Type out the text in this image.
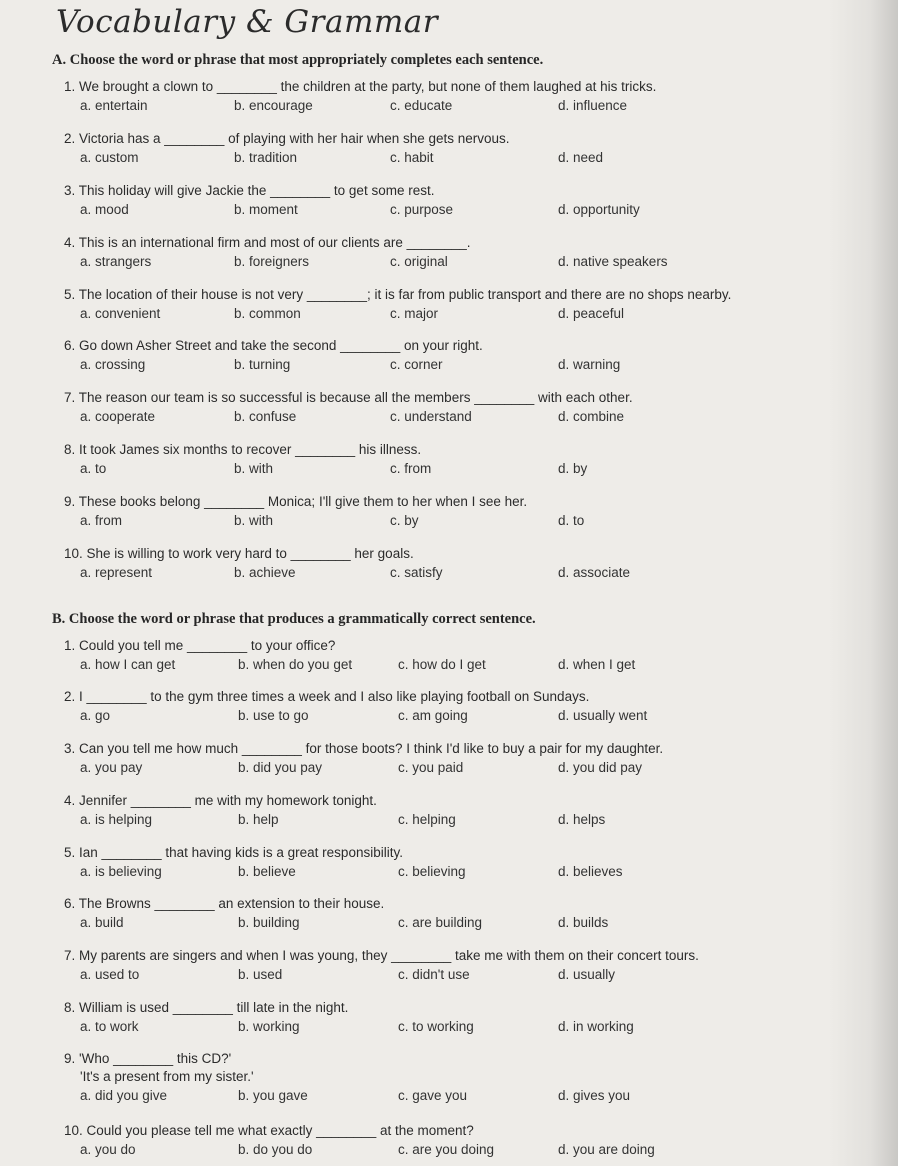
Vocabulary & Grammar
A. Choose the word or phrase that most appropriately completes each sentence.
1. We brought a clown to ________ the children at the party, but none of them laughed at his tricks.
a. entertain	b. encourage	c. educate	d. influence
2. Victoria has a ________ of playing with her hair when she gets nervous.
a. custom	b. tradition	c. habit	d. need
3. This holiday will give Jackie the ________ to get some rest.
a. mood	b. moment	c. purpose	d. opportunity
4. This is an international firm and most of our clients are ________.
a. strangers	b. foreigners	c. original	d. native speakers
5. The location of their house is not very ________; it is far from public transport and there are no shops nearby.
a. convenient	b. common	c. major	d. peaceful
6. Go down Asher Street and take the second ________ on your right.
a. crossing	b. turning	c. corner	d. warning
7. The reason our team is so successful is because all the members ________ with each other.
a. cooperate	b. confuse	c. understand	d. combine
8. It took James six months to recover ________ his illness.
a. to	b. with	c. from	d. by
9. These books belong ________ Monica; I'll give them to her when I see her.
a. from	b. with	c. by	d. to
10. She is willing to work very hard to ________ her goals.
a. represent	b. achieve	c. satisfy	d. associate
B. Choose the word or phrase that produces a grammatically correct sentence.
1. Could you tell me ________ to your office?
a. how I can get	b. when do you get	c. how do I get	d. when I get
2. I ________ to the gym three times a week and I also like playing football on Sundays.
a. go	b. use to go	c. am going	d. usually went
3. Can you tell me how much ________ for those boots? I think I'd like to buy a pair for my daughter.
a. you pay	b. did you pay	c. you paid	d. you did pay
4. Jennifer ________ me with my homework tonight.
a. is helping	b. help	c. helping	d. helps
5. Ian ________ that having kids is a great responsibility.
a. is believing	b. believe	c. believing	d. believes
6. The Browns ________ an extension to their house.
a. build	b. building	c. are building	d. builds
7. My parents are singers and when I was young, they ________ take me with them on their concert tours.
a. used to	b. used	c. didn't use	d. usually
8. William is used ________ till late in the night.
a. to work	b. working	c. to working	d. in working
9. 'Who ________ this CD?'
'It's a present from my sister.'
a. did you give	b. you gave	c. gave you	d. gives you
10. Could you please tell me what exactly ________ at the moment?
a. you do	b. do you do	c. are you doing	d. you are doing
